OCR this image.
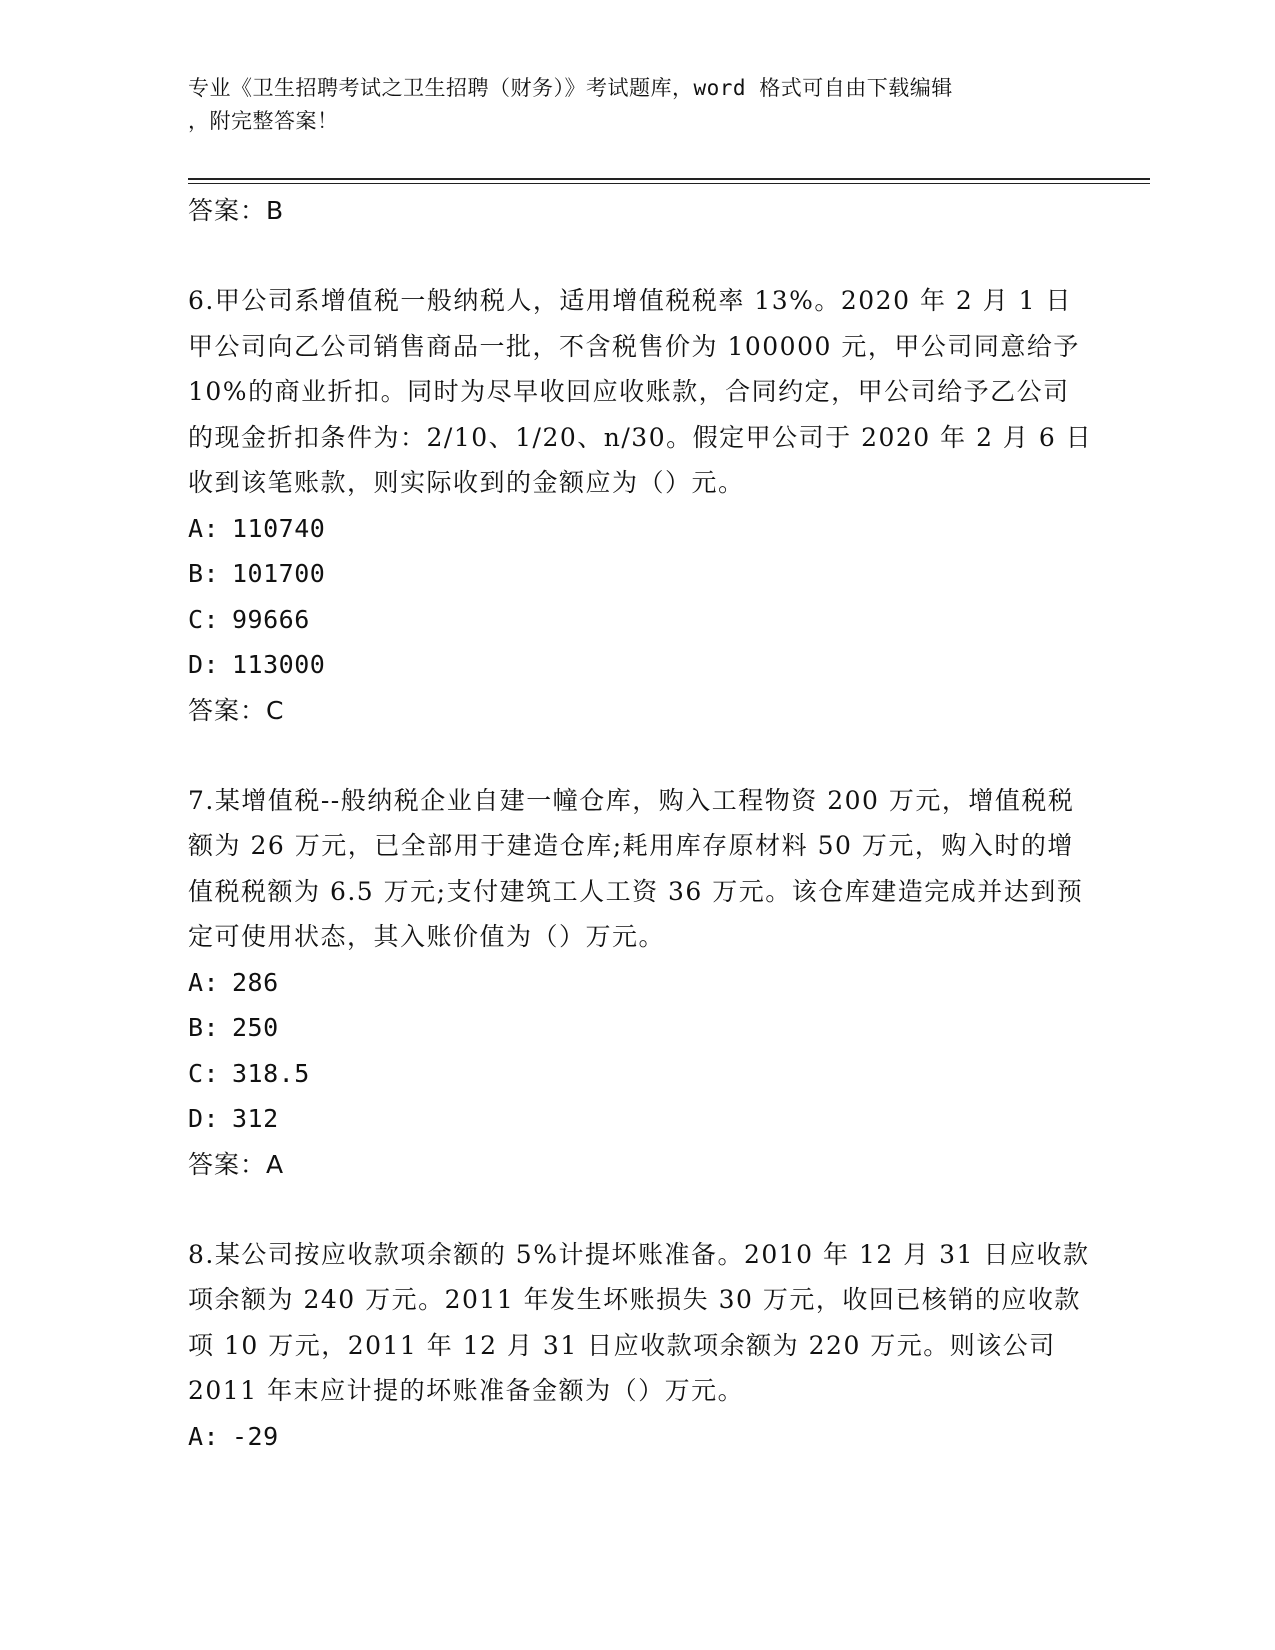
专业《卫生招聘考试之卫生招聘（财务）》考试题库，word 格式可自由下载编辑
，附完整答案！
答案：B

6.甲公司系增值税一般纳税人，适用增值税税率 13%。2020 年 2 月 1 日甲公司向乙公司销售商品一批，不含税售价为 100000 元，甲公司同意给予 10%的商业折扣。同时为尽早收回应收账款，合同约定，甲公司给予乙公司的现金折扣条件为：2/10、1/20、n/30。假定甲公司于 2020 年 2 月 6 日收到该笔账款，则实际收到的金额应为（）元。

A: 110740
B: 101700
C: 99666
D: 113000
答案：C

7.某增值税--般纳税企业自建一幢仓库，购入工程物资 200 万元，增值税税额为 26 万元，已全部用于建造仓库;耗用库存原材料 50 万元，购入时的增值税税额为 6.5 万元;支付建筑工人工资 36 万元。该仓库建造完成并达到预定可使用状态，其入账价值为（）万元。

A: 286
B: 250
C: 318.5
D: 312
答案：A

8.某公司按应收款项余额的 5%计提坏账准备。2010 年 12 月 31 日应收款项余额为 240 万元。2011 年发生坏账损失 30 万元，收回已核销的应收款项 10 万元，2011 年 12 月 31 日应收款项余额为 220 万元。则该公司 2011 年末应计提的坏账准备金额为（）万元。

A: -29
